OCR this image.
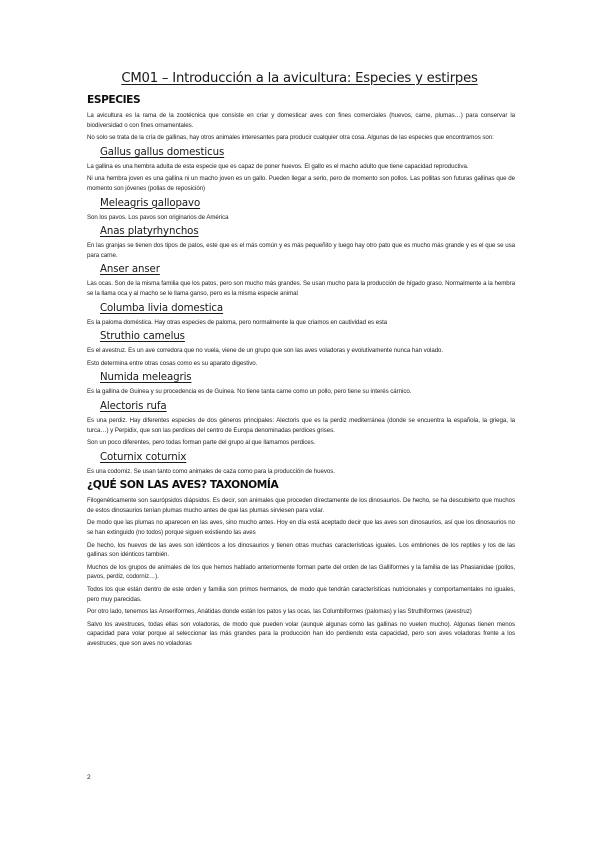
CM01 – Introducción a la avicultura: Especies y estirpes
ESPECIES

La avicultura es la rama de la zootécnica que consiste en criar y domesticar aves con fines comerciales (huevos, carne, plumas…) para conservar la biodiversidad o con fines ornamentales.

No solo se trata de la cría de gallinas, hay otros animales interesantes para producir cualquier otra cosa. Algunas de las especies que encontramos son:

Gallus gallus domesticus

La gallina es una hembra adulta de esta especie que es capaz de poner huevos. El gallo es el macho adulto que tiene capacidad reproductiva.

Ni una hembra joven es una gallina ni un macho joven es un gallo. Pueden llegar a serlo, pero de momento son pollos. Las pollitas son futuras gallinas que de momento son jóvenes (pollas de reposición)

Meleagris gallopavo

Son los pavos. Los pavos son originarios de América

Anas platyrhynchos

En las granjas se tienen dos tipos de patos, este que es el más común y es más pequeñito y luego hay otro pato que es mucho más grande y es el que se usa para carne.

Anser anser

Las ocas. Son de la misma familia que los patos, pero son mucho más grandes. Se usan mucho para la producción de hígado graso. Normalmente a la hembra se la llama oca y al macho se le llama ganso, pero es la misma especie animal

Columba livia domestica

Es la paloma doméstica. Hay otras especies de paloma, pero normalmente la que criamos en cautividad es esta

Struthio camelus

Es el avestruz. Es un ave corredora que no vuela, viene de un grupo que son las aves voladoras y evolutivamente nunca han volado.

Esto determina entre otras cosas como es su aparato digestivo.

Numida meleagris

Es la gallina de Guinea y su procedencia es de Guinea. No tiene tanta carne como un pollo, pero tiene su interés cárnico.

Alectoris rufa

Es una perdiz. Hay diferentes especies de dos géneros principales: Alectoris que es la perdiz mediterránea (donde se encuentra la española, la griega, la turca…) y Perpidix, que son las perdices del centro de Europa denominadas perdices grises.

Son un poco diferentes, pero todas forman parte del grupo al que llamamos perdices.

Coturnix coturnix

Es una codorniz. Se usan tanto como animales de caza como para la producción de huevos.

¿QUÉ SON LAS AVES? TAXONOMÍA

Filogenéticamente son saurópsidos diápsidos. Es decir, son animales que proceden directamente de los dinosaurios. De hecho, se ha descubierto que muchos de estos dinosaurios tenían plumas mucho antes de que las plumas sirviesen para volar.

De modo que las plumas no aparecen en las aves, sino mucho antes. Hoy en día está aceptado decir que las aves son dinosaurios, así que los dinosaurios no se han extinguido (no todos) porque siguen existiendo las aves

De hecho, los huevos de las aves son idénticos a los dinosaurios y tienen otras muchas características iguales. Los embriones de los reptiles y los de las gallinas son idénticos también.

Muchos de los grupos de animales de los que hemos hablado anteriormente forman parte del orden de las Galliformes y la familia de las Phasianidae (pollos, pavos, perdiz, codorniz…).

Todos los que están dentro de este orden y familia son primos hermanos, de modo que tendrán características nutricionales y comportamentales no iguales, pero muy parecidas.

Por otro lado, tenemos las Anseriformes, Anátidas donde están los patos y las ocas, las Columbiformes (palomas) y las Struthiformes (avestruz)

Salvo los avestruces, todas ellas son voladoras, de modo que pueden volar (aunque algunas como las gallinas no vuelen mucho). Algunas tienen menos capacidad para volar porque al seleccionar las más grandes para la producción han ido perdiendo esta capacidad, pero son aves voladoras frente a los avestruces, que son aves no voladoras

2
